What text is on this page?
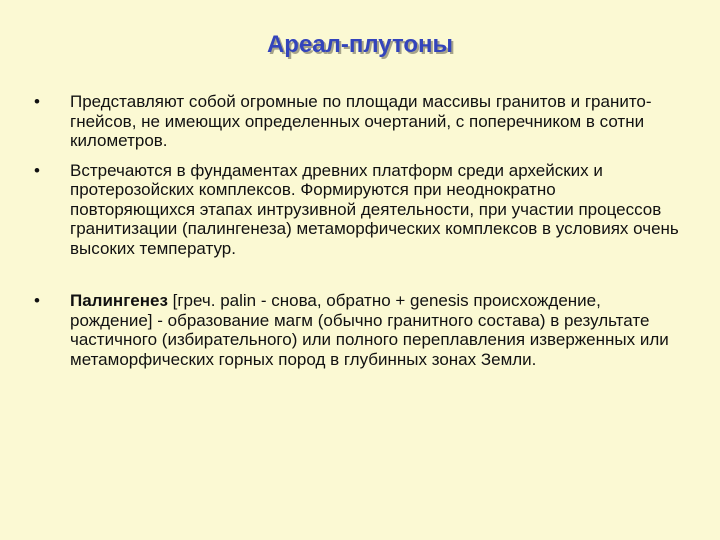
Ареал-плутоны
•	Представляют собой огромные по площади массивы гранитов и гранито-гнейсов, не имеющих определенных очертаний, с поперечником в сотни километров.
•	Встречаются в фундаментах древних платформ среди архейских и протерозойских комплексов. Формируются при неоднократно повторяющихся этапах интрузивной деятельности, при участии процессов гранитизации (палингенеза) метаморфических комплексов в условиях очень высоких температур.
•	Палингенез [греч. palin - снова, обратно + genesis происхождение, рождение] - образование магм (обычно гранитного состава) в результате частичного (избирательного) или полного переплавления изверженных или метаморфических горных пород в глубинных зонах Земли.
